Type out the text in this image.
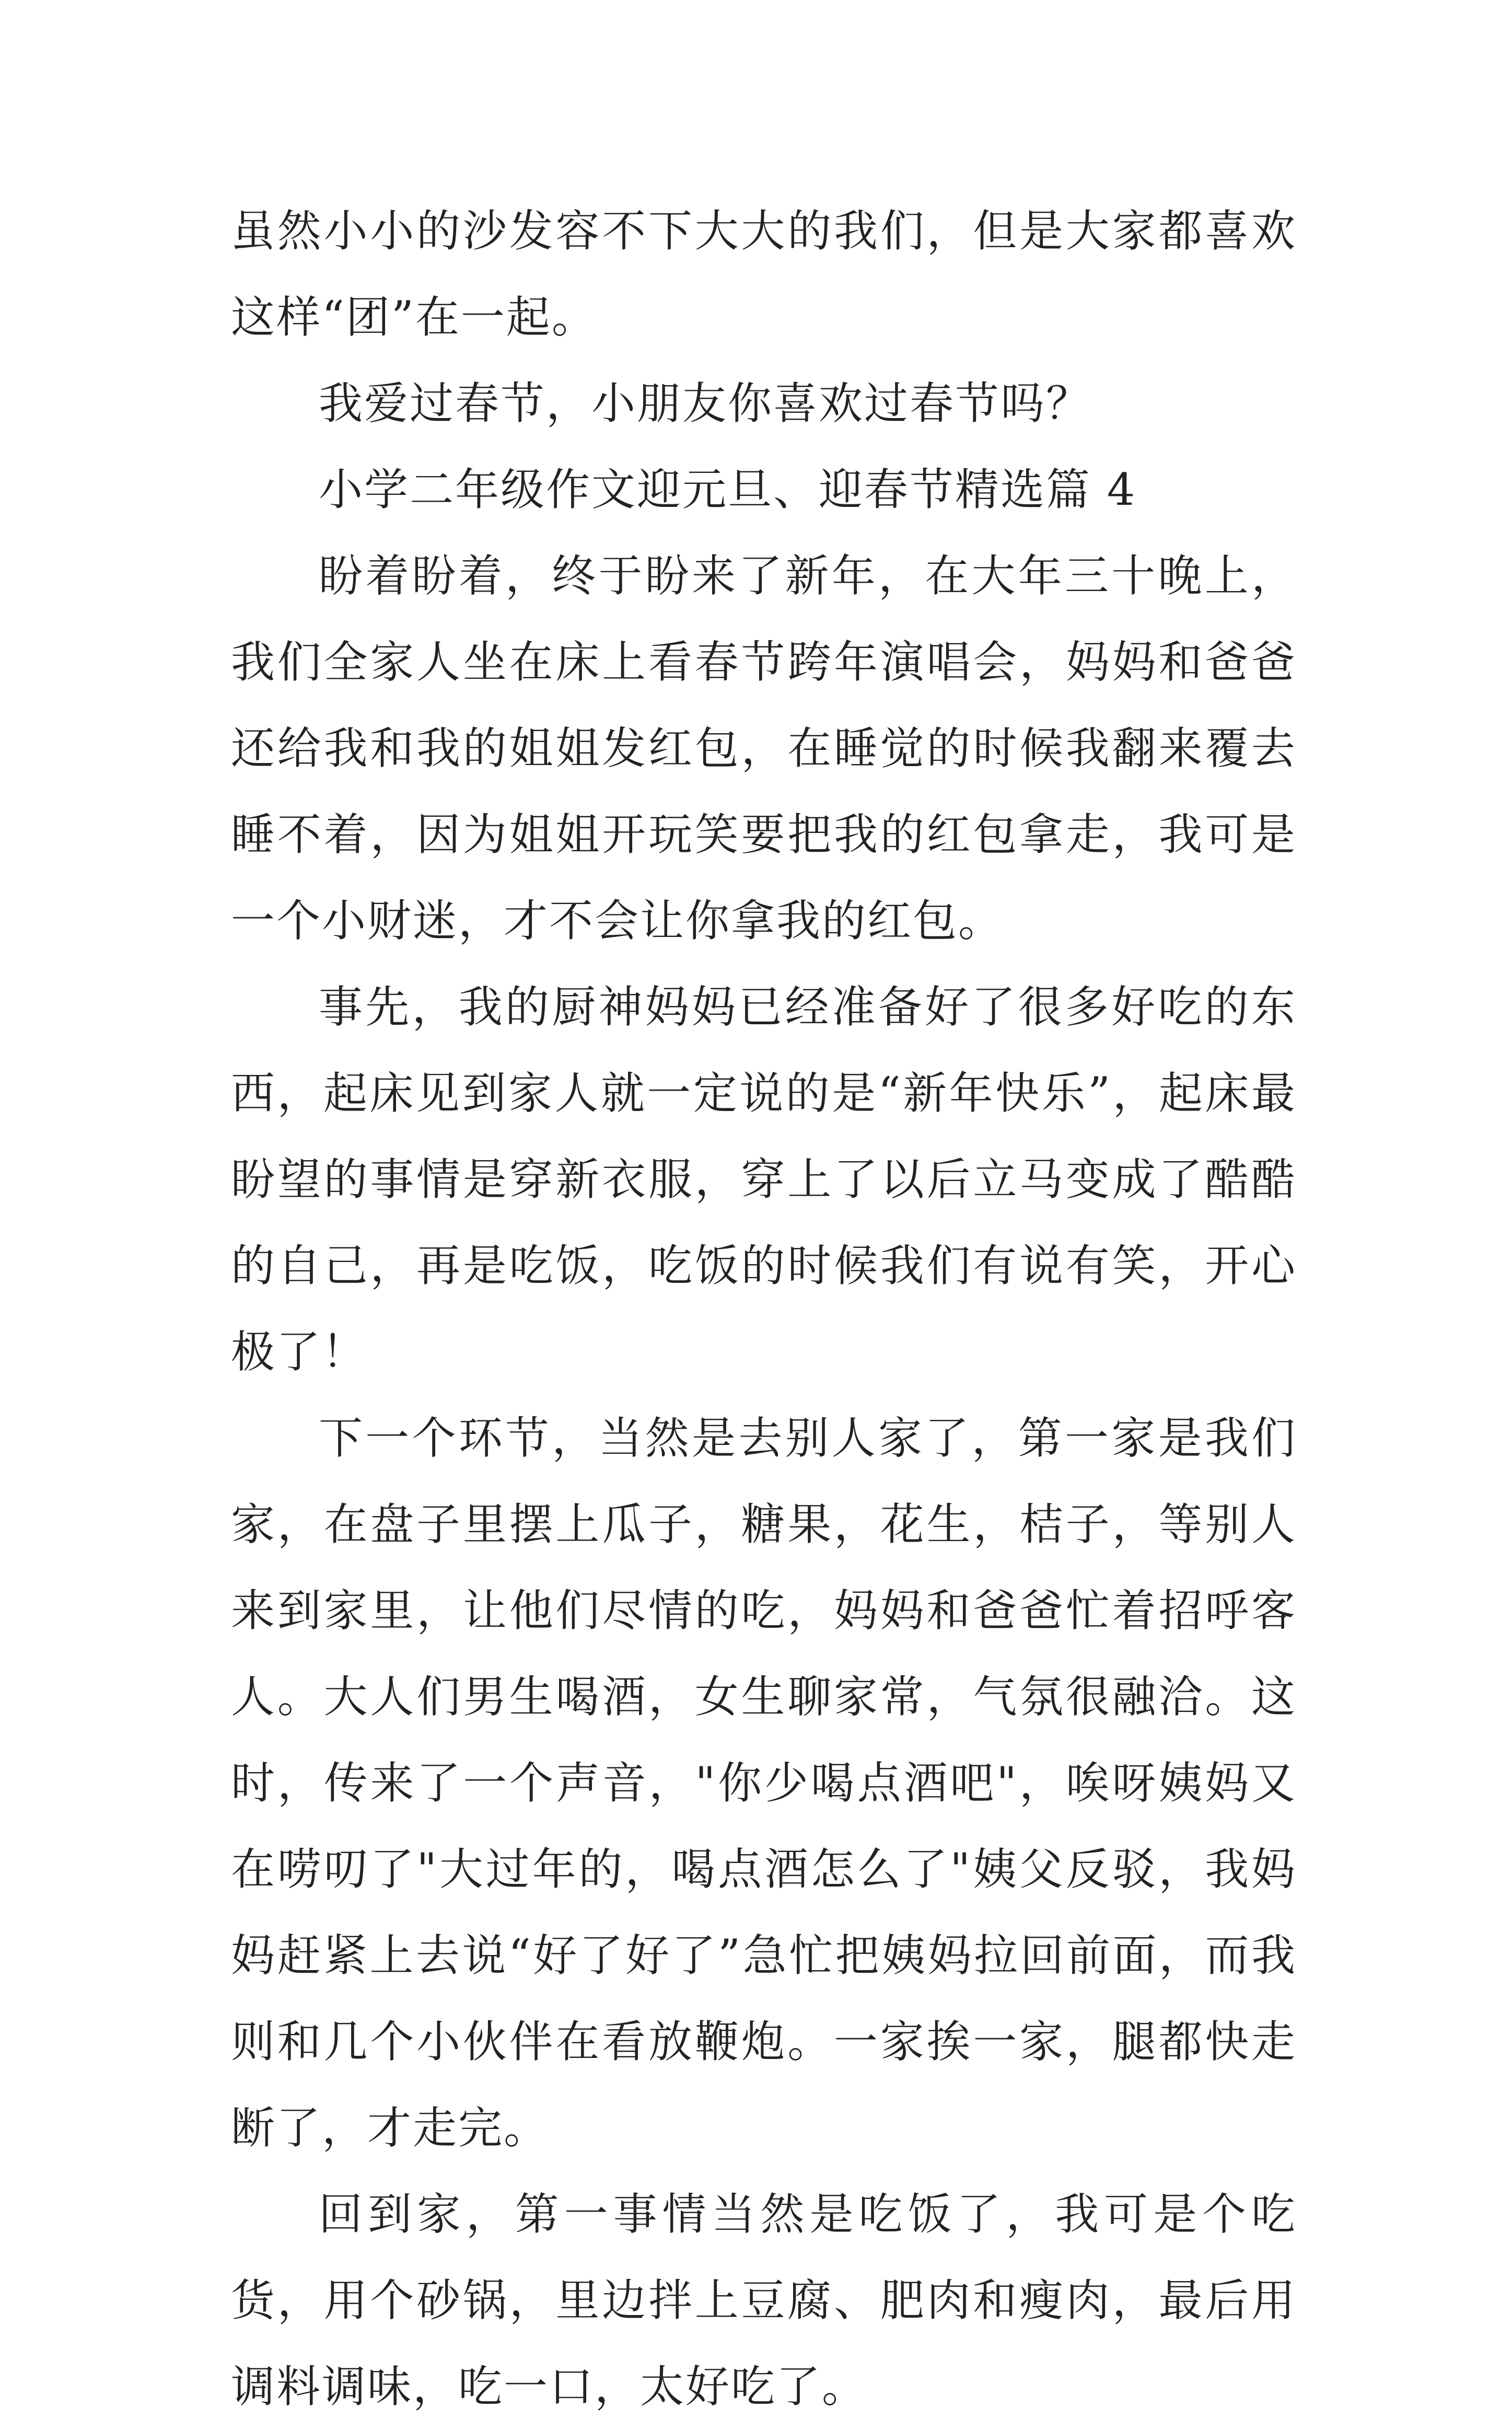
虽然小小的沙发容不下大大的我们，但是大家都喜欢这样“团”在一起。

我爱过春节，小朋友你喜欢过春节吗？

小学二年级作文迎元旦、迎春节精选篇 4

盼着盼着，终于盼来了新年，在大年三十晚上，我们全家人坐在床上看春节跨年演唱会，妈妈和爸爸还给我和我的姐姐发红包，在睡觉的时候我翻来覆去睡不着，因为姐姐开玩笑要把我的红包拿走，我可是一个小财迷，才不会让你拿我的红包。

事先，我的厨神妈妈已经准备好了很多好吃的东西，起床见到家人就一定说的是“新年快乐”，起床最盼望的事情是穿新衣服，穿上了以后立马变成了酷酷的自己，再是吃饭，吃饭的时候我们有说有笑，开心极了！

下一个环节，当然是去别人家了，第一家是我们家，在盘子里摆上瓜子，糖果，花生，桔子，等别人来到家里，让他们尽情的吃，妈妈和爸爸忙着招呼客人。大人们男生喝酒，女生聊家常，气氛很融洽。这时，传来了一个声音，"你少喝点酒吧"，唉呀姨妈又在唠叨了"大过年的，喝点酒怎么了"姨父反驳，我妈妈赶紧上去说“好了好了”急忙把姨妈拉回前面，而我则和几个小伙伴在看放鞭炮。一家挨一家，腿都快走断了，才走完。

回到家，第一事情当然是吃饭了，我可是个吃货，用个砂锅，里边拌上豆腐、肥肉和瘦肉，最后用调料调味，吃一口，太好吃了。
